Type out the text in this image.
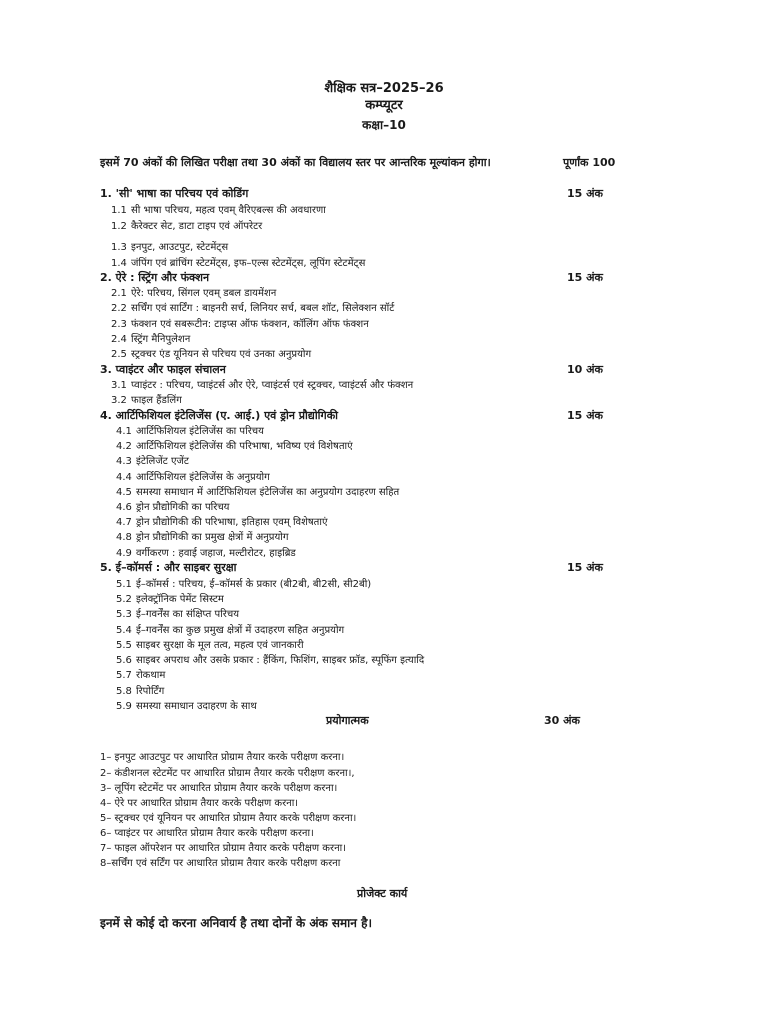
शैक्षिक सत्र–2025–26
कम्प्यूटर
कक्षा–10
इसमें 70 अंकों की लिखित परीक्षा तथा 30 अंकों का विद्यालय स्तर पर आन्तरिक मूल्यांकन होगा।	पूर्णांक 100
1. 'सी' भाषा का परिचय एवं कोडिंग	15 अंक
1.1 सी भाषा परिचय, महत्व एवम् वैरिएबल्स की अवधारणा
1.2 कैरेक्टर सेट, डाटा टाइप एवं ऑपरेटर
1.3 इनपुट, आउटपुट, स्टेटमेंट्स
1.4 जंपिंग एवं ब्रांचिंग स्टेटमेंट्स, इफ–एल्स स्टेटमेंट्स, लूपिंग स्टेटमेंट्स
2. ऐरे : स्ट्रिंग और फंक्शन	15 अंक
2.1 ऐरे: परिचय, सिंगल एवम् डबल डायमेंशन
2.2 सर्चिंग एवं सार्टिंग : बाइनरी सर्च, लिनियर सर्च, बबल शॉट, सिलेक्शन सॉर्ट
2.3 फंक्शन एवं सबरूटीन: टाइप्स ऑफ फंक्शन, कॉलिंग ऑफ फंक्शन
2.4 स्ट्रिंग मैनिपुलेशन
2.5 स्ट्रक्चर एंड यूनियन से परिचय एवं उनका अनुप्रयोग
3. प्वाइंटर और फाइल संचालन	10 अंक
3.1 प्वाइंटर : परिचय, प्वाइंटर्स और ऐरे, प्वाइंटर्स एवं स्ट्रक्चर, प्वाइंटर्स और फंक्शन
3.2 फाइल हैंडलिंग
4. आर्टिफिशियल इंटेलिजेंस (ए. आई.) एवं ड्रोन प्रौद्योगिकी	15 अंक
4.1 आर्टिफिशियल इंटेलिजेंस का परिचय
4.2 आर्टिफिशियल इंटेलिजेंस की परिभाषा, भविष्य एवं विशेषताएं
4.3 इंटेलिजेंट एजेंट
4.4 आर्टिफिशियल इंटेलिजेंस के अनुप्रयोग
4.5 समस्या समाधान में आर्टिफिशियल इंटेलिजेंस का अनुप्रयोग उदाहरण सहित
4.6 ड्रोन प्रौद्योगिकी का परिचय
4.7 ड्रोन प्रौद्योगिकी की परिभाषा, इतिहास एवम् विशेषताएं
4.8 ड्रोन प्रौद्योगिकी का प्रमुख क्षेत्रों में अनुप्रयोग
4.9 वर्गीकरण : हवाई जहाज, मल्टीरोटर, हाइब्रिड
5. ई–कॉमर्स : और साइबर सुरक्षा	15 अंक
5.1 ई–कॉमर्स : परिचय, ई–कॉमर्स के प्रकार (बी2बी, बी2सी, सी2बी)
5.2 इलेक्ट्रॉनिक पेमेंट सिस्टम
5.3 ई–गवर्नेंस का संक्षिप्त परिचय
5.4 ई–गवर्नेंस का कुछ प्रमुख क्षेत्रों में उदाहरण सहित अनुप्रयोग
5.5 साइबर सुरक्षा के मूल तत्व, महत्व एवं जानकारी
5.6 साइबर अपराध और उसके प्रकार : हैंकिंग, फिशिंग, साइबर फ्रॉड, स्पूफिंग इत्यादि
5.7 रोकथाम
5.8 रिपोर्टिंग
5.9 समस्या समाधान उदाहरण के साथ
प्रयोगात्मक	30 अंक
1– इनपुट आउटपुट पर आधारित प्रोग्राम तैयार करके परीक्षण करना।
2– कंडीशनल स्टेटमेंट पर आधारित प्रोग्राम तैयार करके परीक्षण करना।,
3– लूपिंग स्टेटमेंट पर आधारित प्रोग्राम तैयार करके परीक्षण करना।
4– ऐरे पर आधारित प्रोग्राम तैयार करके परीक्षण करना।
5– स्ट्रक्चर एवं यूनियन पर आधारित प्रोग्राम तैयार करके परीक्षण करना।
6– प्वाइंटर पर आधारित प्रोग्राम तैयार करके परीक्षण करना।
7– फाइल ऑपरेशन पर आधारित प्रोग्राम तैयार करके परीक्षण करना।
8–सर्चिंग एवं सर्टिंग पर आधारित प्रोग्राम तैयार करके परीक्षण करना
प्रोजेक्ट कार्य
इनमें से कोई दो करना अनिवार्य है तथा दोनों के अंक समान है।
